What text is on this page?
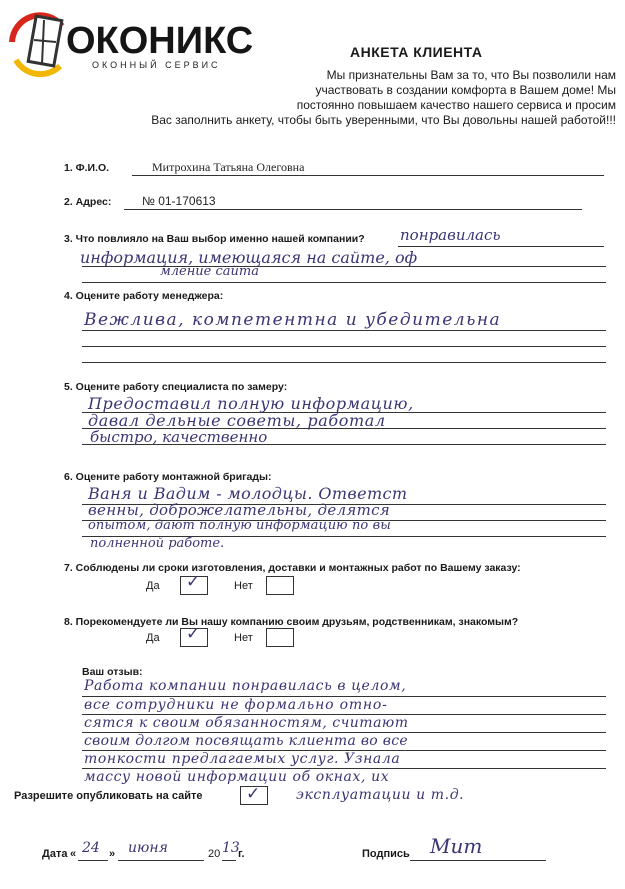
ОКОНИКС
ОКОННЫЙ СЕРВИС
АНКЕТА КЛИЕНТА
Мы признательны Вам за то, что Вы позволили нам
участвовать в создании комфорта в Вашем доме! Мы
постоянно повышаем качество нашего сервиса и просим
Вас заполнить анкету, чтобы быть уверенными, что Вы довольны нашей работой!!!
1. Ф.И.О.	Митрохина Татьяна Олеговна
2. Адрес:	№ 01-170613
3. Что повлияло на Ваш выбор именно нашей компании? понравилась
информация, имеющаяся на сайте, оф
мление сайта
4. Оцените работу менеджера:
Вежлива, компетентна и убедительна
5. Оцените работу специалиста по замеру:
Предоставил полную информацию,
давал дельные советы, работал
быстро, качественно
6. Оцените работу монтажной бригады:
Ваня и Вадим - молодцы. Ответст
венны, доброжелательны, делятся
опытом, дают полную информацию по вы
полненной работе.
7. Соблюдены ли сроки изготовления, доставки и монтажных работ по Вашему заказу:
Да ✓	Нет
8. Порекомендуете ли Вы нашу компанию своим друзьям, родственникам, знакомым?
Да ✓	Нет
Ваш отзыв:
Работа компании понравилась в целом,
все сотрудники не формально отно-
сятся к своим обязанностям, считают
своим долгом посвящать клиента во все
тонкости предлагаемых услуг. Узнала
массу новой информации об окнах, их
эксплуатации и т.д.
Разрешите опубликовать на сайте	✓
Дата « 24 » июня	20 13
г.	Подпись Мит
